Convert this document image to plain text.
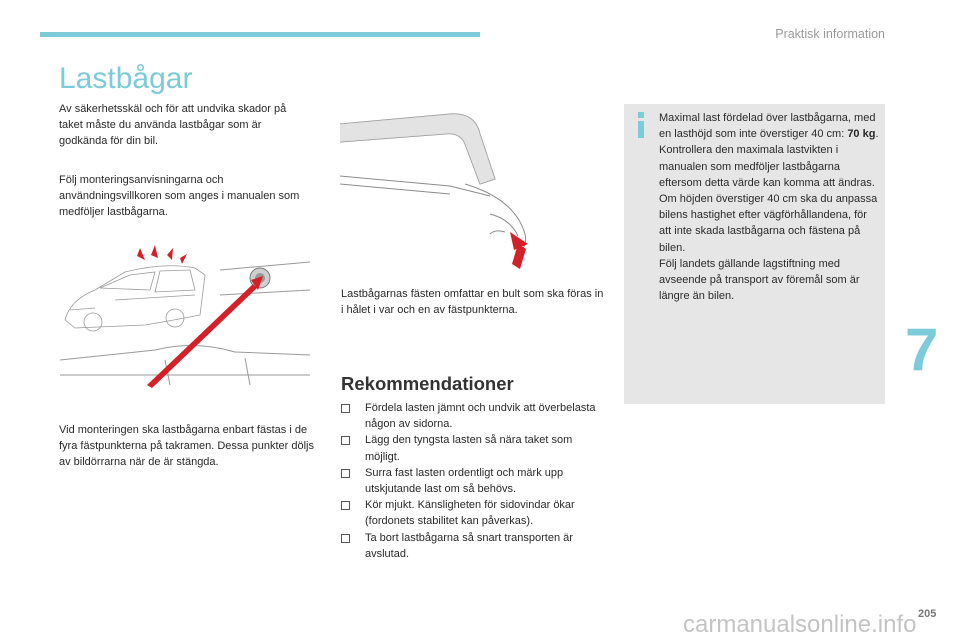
Praktisk information
Lastbågar

Av säkerhetsskäl och för att undvika skador på taket måste du använda lastbågar som är godkända för din bil.

Följ monteringsanvisningarna och användningsvillkoren som anges i manualen som medföljer lastbågarna.

Vid monteringen ska lastbågarna enbart fästas i de fyra fästpunkterna på takramen. Dessa punkter döljs av bildörrarna när de är stängda.

Lastbågarnas fästen omfattar en bult som ska föras in i hålet i var och en av fästpunkterna.

Rekommendationer
Fördela lasten jämnt och undvik att överbelasta någon av sidorna.
Lägg den tyngsta lasten så nära taket som möjligt.
Surra fast lasten ordentligt och märk upp utskjutande last om så behövs.
Kör mjukt. Känsligheten för sidovindar ökar (fordonets stabilitet kan påverkas).
Ta bort lastbågarna så snart transporten är avslutad.
Maximal last fördelad över lastbågarna, med en lasthöjd som inte överstiger 40 cm: 70 kg.
Kontrollera den maximala lastvikten i manualen som medföljer lastbågarna eftersom detta värde kan komma att ändras.
Om höjden överstiger 40 cm ska du anpassa bilens hastighet efter vägförhållandena, för att inte skada lastbågarna och fästena på bilen.
Följ landets gällande lagstiftning med avseende på transport av föremål som är längre än bilen.
7
carmanualsonline.info 205
